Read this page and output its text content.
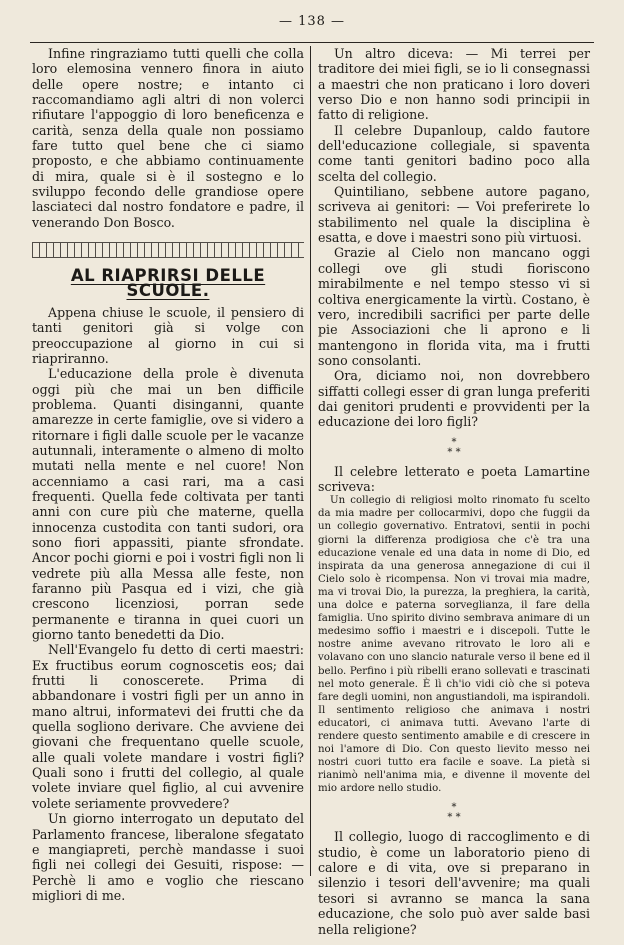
— 138 —

Infine ringraziamo tutti quelli che colla loro elemosina vennero finora in aiuto delle opere nostre; e intanto ci raccomandiamo agli altri di non volerci rifiutare l'appoggio di loro beneficenza e carità, senza della quale non possiamo fare tutto quel bene che ci siamo proposto, e che abbiamo continuamente di mira, quale si è il sostegno e lo sviluppo fecondo delle grandiose opere lasciateci dal nostro fondatore e padre, il venerando Don Bosco.

AL RIAPRIRSI DELLE SCUOLE.

Appena chiuse le scuole, il pensiero di tanti genitori già si volge con preoccupazione al giorno in cui si riapriranno.

L'educazione della prole è divenuta oggi più che mai un ben difficile problema. Quanti disinganni, quante amarezze in certe famiglie, ove si videro a ritornare i figli dalle scuole per le vacanze autunnali, interamente o almeno di molto mutati nella mente e nel cuore! Non accenniamo a casi rari, ma a casi frequenti. Quella fede coltivata per tanti anni con cure più che materne, quella innocenza custodita con tanti sudori, ora sono fiori appassiti, piante sfrondate. Ancor pochi giorni e poi i vostri figli non li vedrete più alla Messa alle feste, non faranno più Pasqua ed i vizi, che già crescono licenziosi, porran sede permanente e tiranna in quei cuori un giorno tanto benedetti da Dio.

Nell'Evangelo fu detto di certi maestri: Ex fructibus eorum cognoscetis eos; dai frutti li conoscerete. Prima di abbandonare i vostri figli per un anno in mano altrui, informatevi dei frutti che da quella sogliono derivare. Che avviene dei giovani che frequentano quelle scuole, alle quali volete mandare i vostri figli? Quali sono i frutti del collegio, al quale volete inviare quel figlio, al cui avvenire volete seriamente provvedere?

Un giorno interrogato un deputato del Parlamento francese, liberalone sfegatato e mangiapreti, perchè mandasse i suoi figli nei collegi dei Gesuiti, rispose: — Perchè li amo e voglio che riescano migliori di me.

Un altro diceva: — Mi terrei per traditore dei miei figli, se io li consegnassi a maestri che non praticano i loro doveri verso Dio e non hanno sodi principii in fatto di religione.

Il celebre Dupanloup, caldo fautore dell'educazione collegiale, si spaventa come tanti genitori badino poco alla scelta del collegio.

Quintiliano, sebbene autore pagano, scriveva ai genitori: — Voi preferirete lo stabilimento nel quale la disciplina è esatta, e dove i maestri sono più virtuosi.

Grazie al Cielo non mancano oggi collegi ove gli studi fioriscono mirabilmente e nel tempo stesso vi si coltiva energicamente la virtù. Costano, è vero, incredibili sacrifici per parte delle pie Associazioni che li aprono e li mantengono in florida vita, ma i frutti sono consolanti.

Ora, diciamo noi, non dovrebbero siffatti collegi esser di gran lunga preferiti dai genitori prudenti e provvidenti per la educazione dei loro figli?

*
* *

Il celebre letterato e poeta Lamartine scriveva:

Un collegio di religiosi molto rinomato fu scelto da mia madre per collocarmivi, dopo che fuggii da un collegio governativo. Entratovi, sentii in pochi giorni la differenza prodigiosa che c'è tra una educazione venale ed una data in nome di Dio, ed inspirata da una generosa annegazione di cui il Cielo solo è ricompensa. Non vi trovai mia madre, ma vi trovai Dio, la purezza, la preghiera, la carità, una dolce e paterna sorveglianza, il fare della famiglia. Uno spirito divino sembrava animare di un medesimo soffio i maestri e i discepoli. Tutte le nostre anime avevano ritrovato le loro ali e volavano con uno slancio naturale verso il bene ed il bello. Perfino i più ribelli erano sollevati e trascinati nel moto generale. È lì ch'io vidi ciò che si poteva fare degli uomini, non angustiandoli, ma ispirandoli. Il sentimento religioso che animava i nostri educatori, ci animava tutti. Avevano l'arte di rendere questo sentimento amabile e di crescere in noi l'amore di Dio. Con questo lievito messo nei nostri cuori tutto era facile e soave. La pietà si rianimò nell'anima mia, e divenne il movente del mio ardore nello studio.

*
* *

Il collegio, luogo di raccoglimento e di studio, è come un laboratorio pieno di calore e di vita, ove si preparano in silenzio i tesori dell'avvenire; ma quali tesori si avranno se manca la sana educazione, che solo può aver salde basi nella religione?
